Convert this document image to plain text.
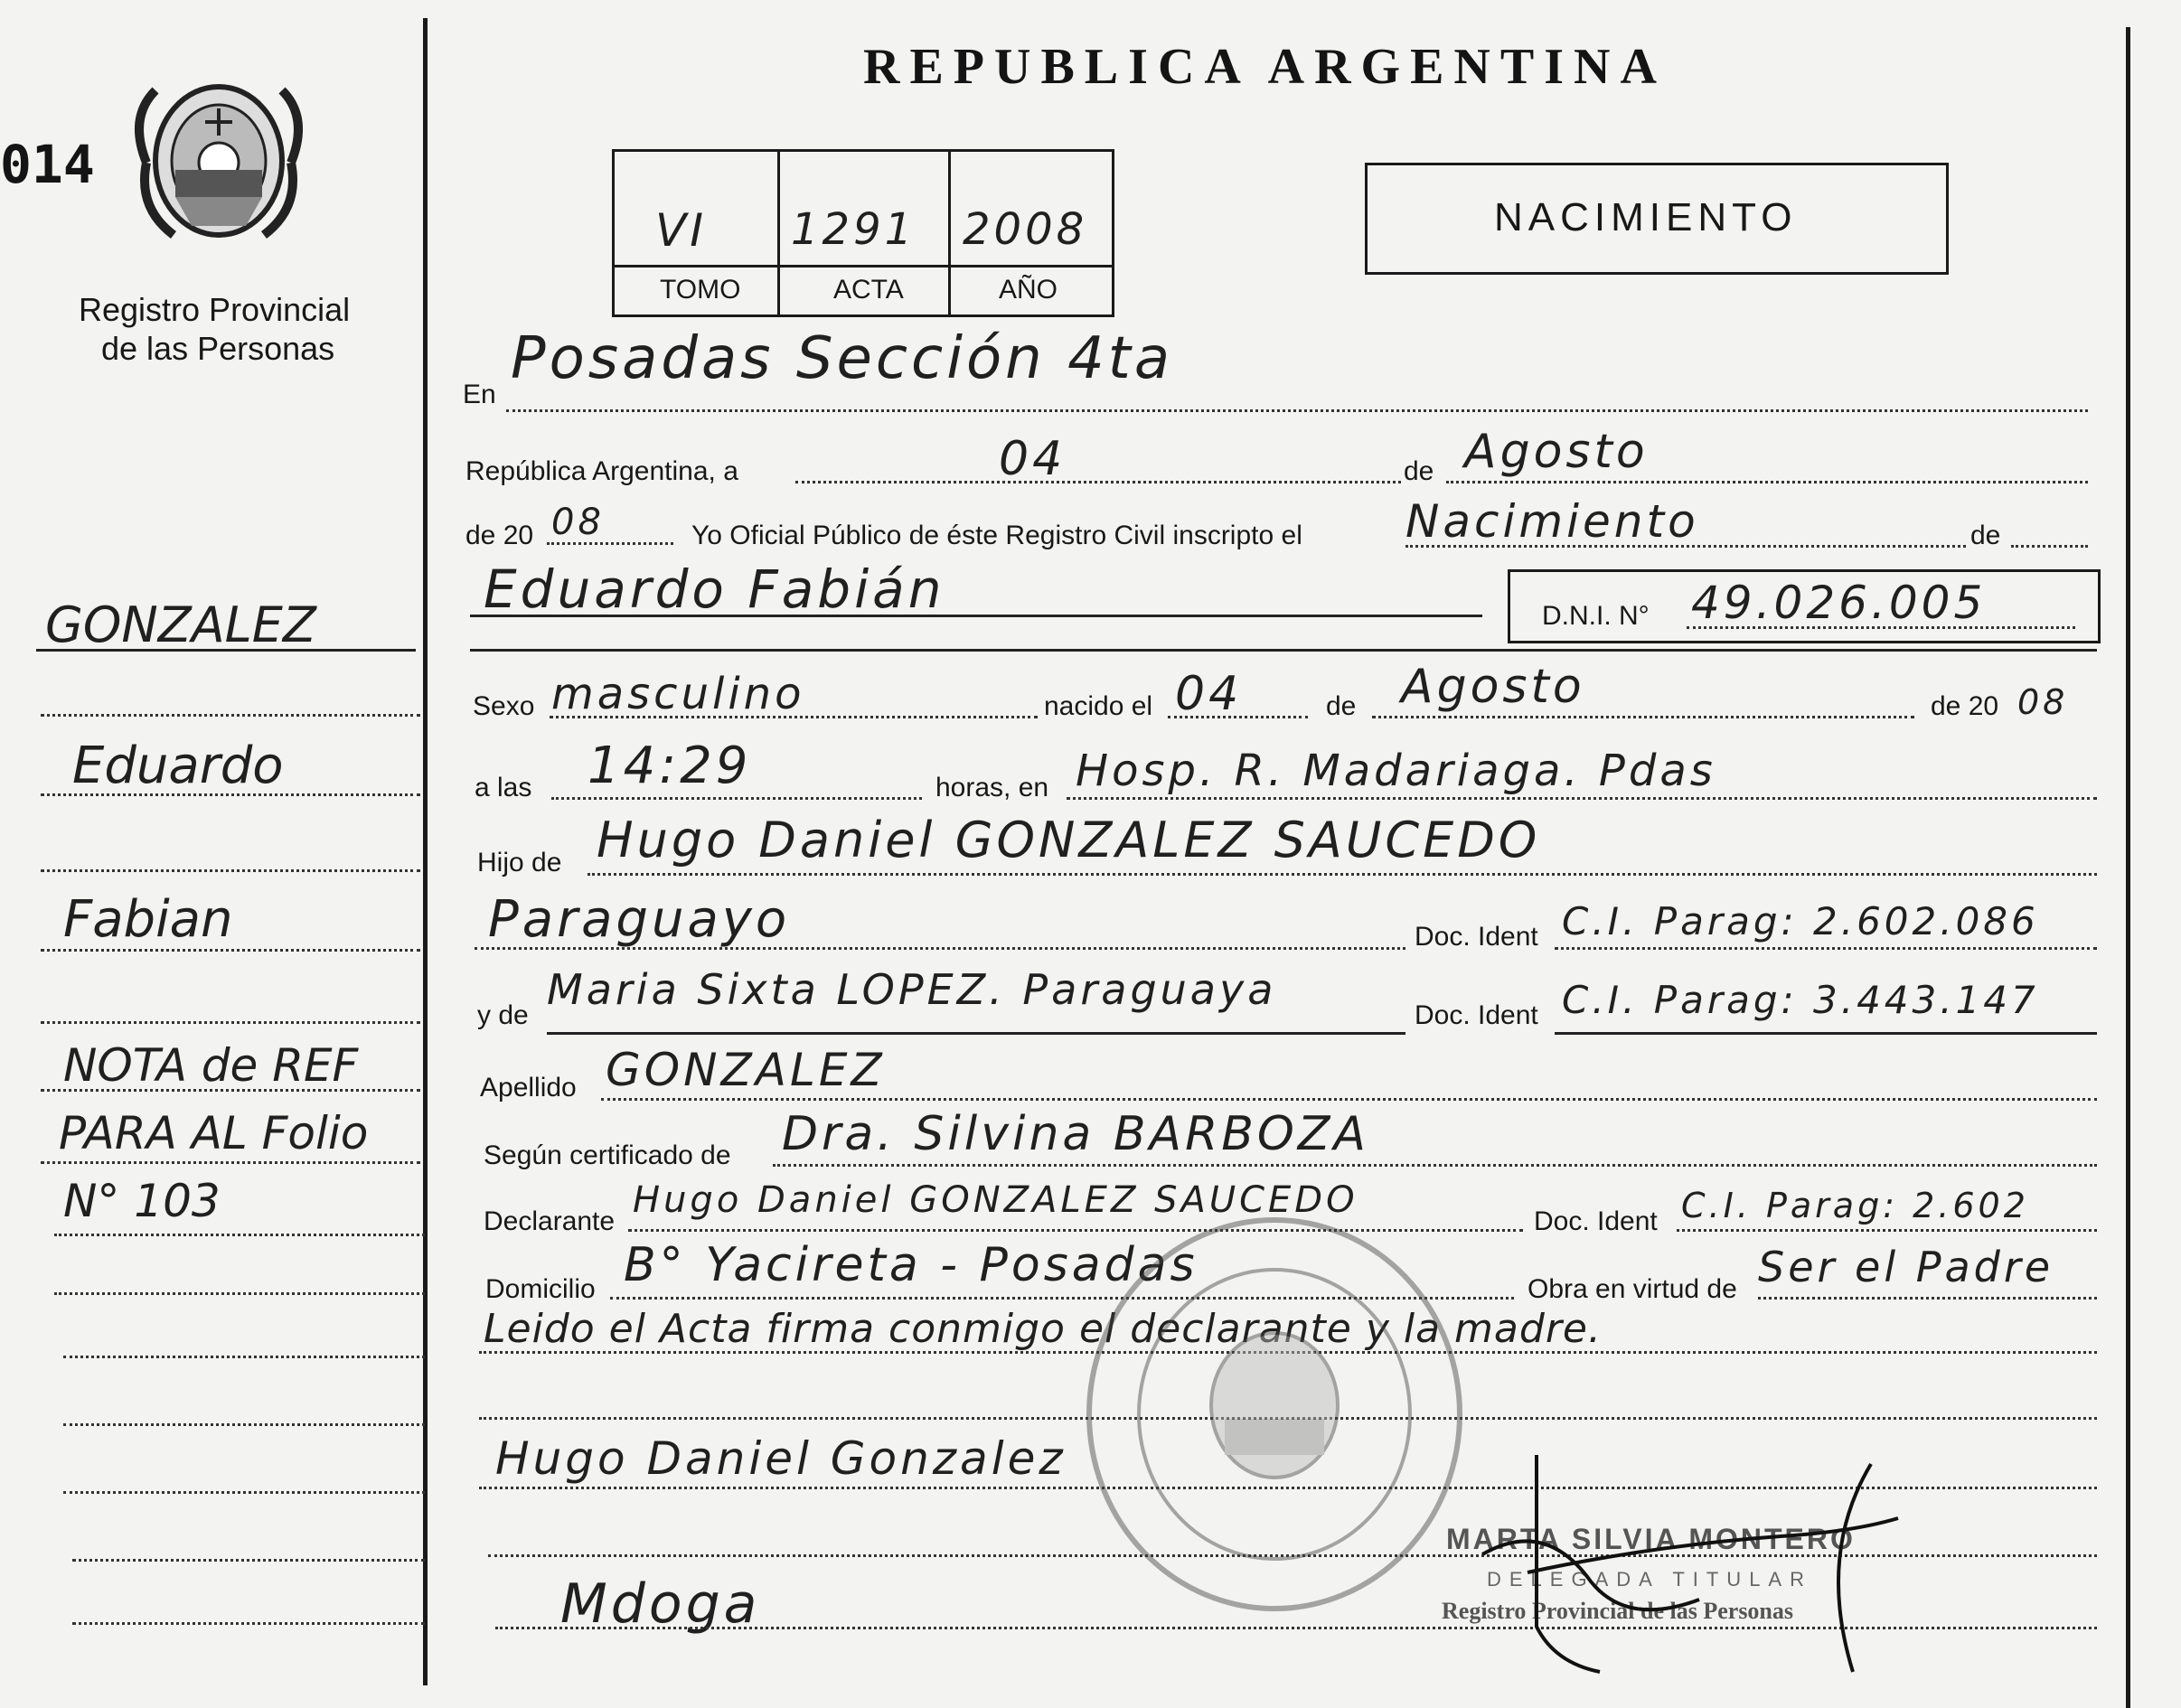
014
Registro Provincial
de las Personas
REPUBLICA ARGENTINA
VI 1291 2008
TOMO	ACTA	AÑO
NACIMIENTO
GONZALEZ
Eduardo
Fabian
NOTA de REF
PARA AL Folio
N° 103
En
Posadas Sección 4ta
República Argentina, a	04	de Agosto
de 20 08	Yo Oficial Público de éste Registro Civil inscripto el Nacimiento	de
Eduardo Fabián	D.N.I. N° 49.026.005
Sexo masculino	nacido el 04	de Agosto	de 20 08
a las 14:29	horas, en Hosp. R. Madariaga. Pdas
Hijo de Hugo Daniel GONZALEZ SAUCEDO
Paraguayo	Doc. Ident C.I. Parag: 2.602.086
y de
Maria Sixta LOPEZ. Paraguaya
Doc. Ident C.I. Parag: 3.443.147
Apellido GONZALEZ
Según certificado de Dra. Silvina BARBOZA
Declarante
Hugo Daniel GONZALEZ SAUCEDO
Doc. Ident C.I. Parag: 2.602
Domicilio B° Yacireta - Posadas	Obra en virtud de Ser el Padre
Leido el Acta firma conmigo el declarante y la madre.
Hugo Daniel Gonzalez
Mdoga
MARTA SILVIA MONTERO
DELEGADA TITULAR
Registro Provincial de las Personas
